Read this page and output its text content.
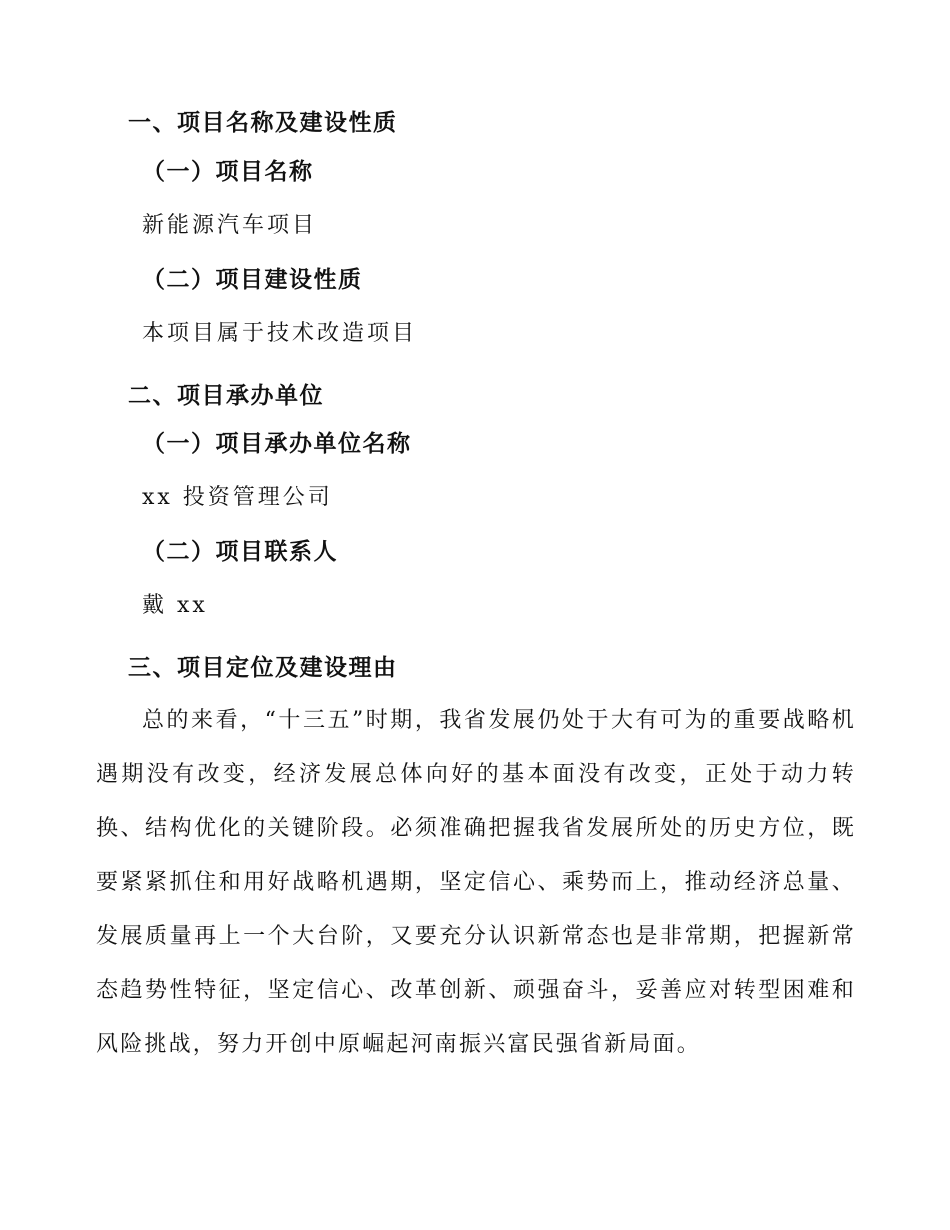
一、项目名称及建设性质
（一）项目名称
新能源汽车项目
（二）项目建设性质
本项目属于技术改造项目
二、项目承办单位
（一）项目承办单位名称
xx 投资管理公司
（二）项目联系人
戴 xx
三、项目定位及建设理由
总的来看，“十三五”时期，我省发展仍处于大有可为的重要战略机遇期没有改变，经济发展总体向好的基本面没有改变，正处于动力转换、结构优化的关键阶段。必须准确把握我省发展所处的历史方位，既要紧紧抓住和用好战略机遇期，坚定信心、乘势而上，推动经济总量、发展质量再上一个大台阶，又要充分认识新常态也是非常期，把握新常态趋势性特征，坚定信心、改革创新、顽强奋斗，妥善应对转型困难和风险挑战，努力开创中原崛起河南振兴富民强省新局面。
